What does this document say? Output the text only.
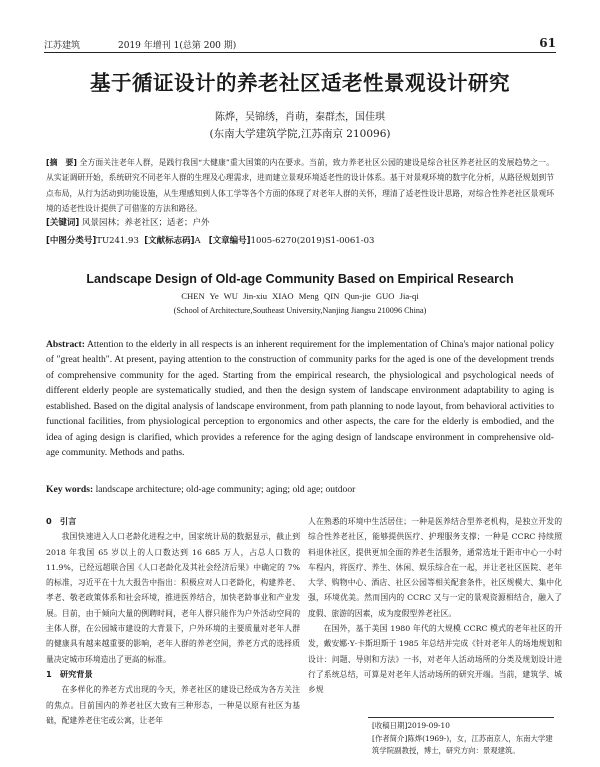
江苏建筑	2019 年增刊 1(总第 200 期)	61
基于循证设计的养老社区适老性景观设计研究
陈烨，吴锦绣，肖萌，秦群杰，国佳琪
(东南大学建筑学院,江苏南京 210096)
[摘　要] 全方面关注老年人群，是践行我国“大健康”重大国策的内在要求。当前，致力养老社区公园的建设是综合社区养老社区的发展趋势之一。从实证调研开始，系统研究不同老年人群的生理及心理需求，进而建立景观环境适老性的设计体系。基于对景观环境的数字化分析，从路径规划到节点布局，从行为活动到功能设施，从生理感知到人体工学等各个方面的体现了对老年人群的关怀，理清了适老性设计思路，对综合性养老社区景观环境的适老性设计提供了可借鉴的方法和路径。
[关键词] 风景园林；养老社区；适老；户外
[中图分类号]TU241.93 [文献标志码]A [文章编号]1005-6270(2019)S1-0061-03
Landscape Design of Old-age Community Based on Empirical Research
CHEN Ye WU Jin-xiu XIAO Meng QIN Qun-jie GUO Jia-qi
(School of Architecture,Southeast University,Nanjing Jiangsu 210096 China)
Abstract: Attention to the elderly in all respects is an inherent requirement for the implementation of China's major national policy of "great health". At present, paying attention to the construction of community parks for the aged is one of the development trends of comprehensive community for the aged. Starting from the empirical research, the physiological and psychological needs of different elderly people are systematically studied, and then the design system of landscape environment adaptability to aging is established. Based on the digital analysis of landscape environment, from path planning to node layout, from behavioral activities to functional facilities, from physiological perception to ergonomics and other aspects, the care for the elderly is embodied, and the idea of aging design is clarified, which provides a reference for the aging design of landscape environment in comprehensive old-age community. Methods and paths.
Key words: landscape architecture; old-age community; aging; old age; outdoor
0　引言

我国快速进入人口老龄化进程之中，国家统计局的数据显示，截止到 2018 年我国 65 岁以上的人口数达到 16 685 万人，占总人口数的 11.9%，已经远超联合国《人口老龄化及其社会经济后果》中确定的 7%的标准，习近平在十九大报告中指出：积极应对人口老龄化，构建养老、孝老、敬老政策体系和社会环境，推进医养结合，加快老龄事业和产业发展。目前，由于倾向大量的例聘时间，老年人群只能作为户外活动空间的主体人群，在公园城市建设的大背景下，户外环境的主要质量对老年人群的健康具有越来越重要的影响，老年人群的养老空间，养老方式的选择质量决定城市环境造出了更高的标准。

1　研究背景

在多样化的养老方式出现的今天，养老社区的建设已经成为各方关注的焦点。目前国内的养老社区大致有三种形态，一种是以原有社区为基础，配建养老住宅或公寓，让老年

人在熟悉的环境中生活居住；一种是医养结合型养老机构，是独立开发的综合性养老社区，能够提供医疗、护理服务支撑；一种是 CCRC 持续照料退休社区，提供更加全面的养老生活服务，通常选址于距市中心一小时车程内，将医疗、养生、休闲、娱乐综合在一起，并让老社区医院、老年大学、购物中心、酒店、社区公园等相关配套条件，社区规模大、集中化强，环境优美。然而国内的 CCRC 又与一定的景观资源相结合，融入了度假、旅游的因素，成为度假型养老社区。

在国外，基于美国 1980 年代的大规模 CCRC 模式的老年社区的开发，戴安娜·Y·卡斯坦斯于 1985 年总结并完成《针对老年人的场地规划和设计：问题、导则和方法》一书，对老年人活动场所的分类及规划设计进行了系统总结，可算是对老年人活动场所的研究开端。当前，建筑学、城乡规

[收稿日期]2019-09-10

[作者简介]陈烨(1969-)，女，江苏南京人，东南大学建筑学院副教授，博士，研究方向：景观建筑。
